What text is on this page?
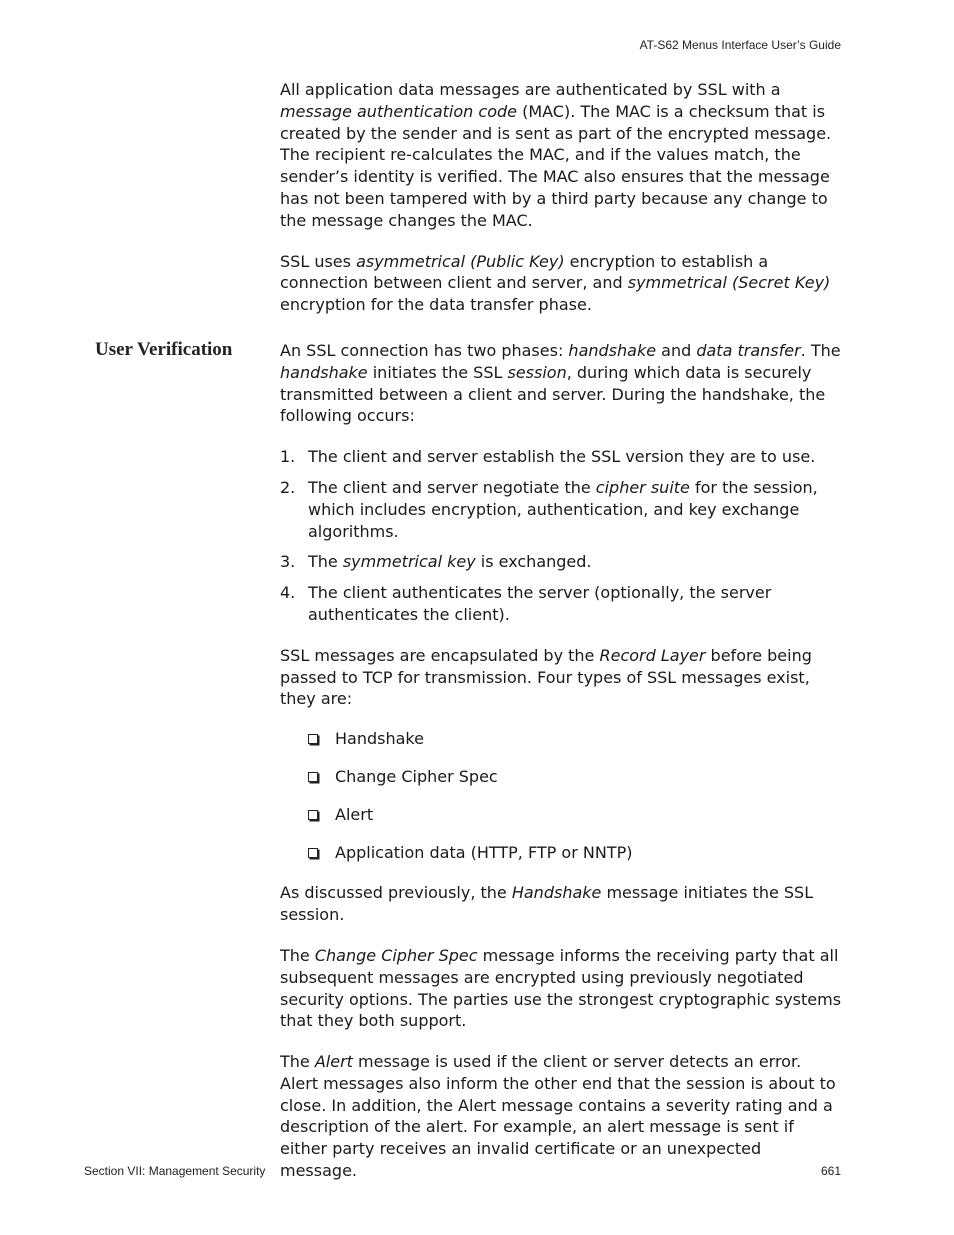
AT-S62 Menus Interface User’s Guide
User Verification

All application data messages are authenticated by SSL with a message authentication code (MAC). The MAC is a checksum that is created by the sender and is sent as part of the encrypted message. The recipient re-calculates the MAC, and if the values match, the sender’s identity is verified. The MAC also ensures that the message has not been tampered with by a third party because any change to the message changes the MAC.

SSL uses asymmetrical (Public Key) encryption to establish a connection between client and server, and symmetrical (Secret Key) encryption for the data transfer phase.

An SSL connection has two phases: handshake and data transfer. The handshake initiates the SSL session, during which data is securely transmitted between a client and server. During the handshake, the following occurs:

1. The client and server establish the SSL version they are to use.
2. The client and server negotiate the cipher suite for the session, which includes encryption, authentication, and key exchange algorithms.
3. The symmetrical key is exchanged.
4. The client authenticates the server (optionally, the server authenticates the client).

SSL messages are encapsulated by the Record Layer before being passed to TCP for transmission. Four types of SSL messages exist, they are:

Handshake
Change Cipher Spec
Alert
Application data (HTTP, FTP or NNTP)

As discussed previously, the Handshake message initiates the SSL session.

The Change Cipher Spec message informs the receiving party that all subsequent messages are encrypted using previously negotiated security options. The parties use the strongest cryptographic systems that they both support.

The Alert message is used if the client or server detects an error. Alert messages also inform the other end that the session is about to close. In addition, the Alert message contains a severity rating and a description of the alert. For example, an alert message is sent if either party receives an invalid certificate or an unexpected message.

Section VII: Management Security	661
